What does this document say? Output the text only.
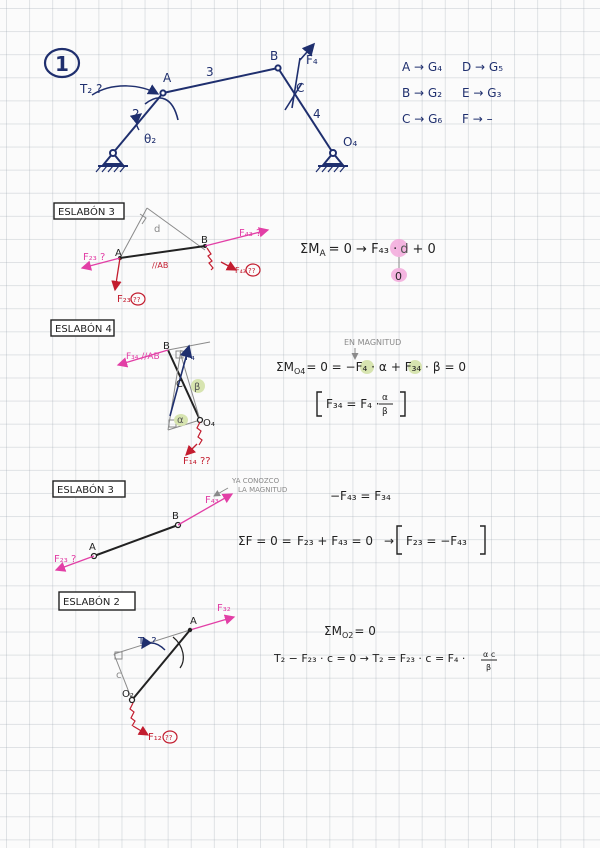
1
A
B
C
O₄
θ₂
2
3
4
T₂ ?
F₄	A → G₄ D → G₅
B → G₂ E → G₃
C → G₆ F → –
ESLABÓN 3
A
B
d
//AB
F₄₃ ?
F₂₃ ?
F₂₃
F₄₃ ??
??
$\Sigma M_A = 0 \to F_{43} \cdot d + 0$
0
ESLABÓN 4
B
C
O₄
F₄
F₃₄ //AB
α
β
F₁₄ ??
EN MAGNITUD
$\Sigma M_{O4}= 0 = -F_4 \cdot \alpha + F_{34} \cdot \beta = 0$
F₃₄ = F₄ · α
β
ESLABÓN 3
A
B
F₄₃
F₂₃ ?
YA CONOZCO
LA MAGNITUD	−F₄₃ = F₃₄
ΣF = 0 = F₂₃ + F₄₃ = 0 → F₂₃ = −F₄₃
ESLABÓN 2
A
O₂
c
T₂ ?
F₃₂
F₁₂ ??
$\Sigma M_{O2}= 0$
T₂ − F₂₃ · c = 0 → T₂ = F₂₃ · c = F₄ · α c
β
